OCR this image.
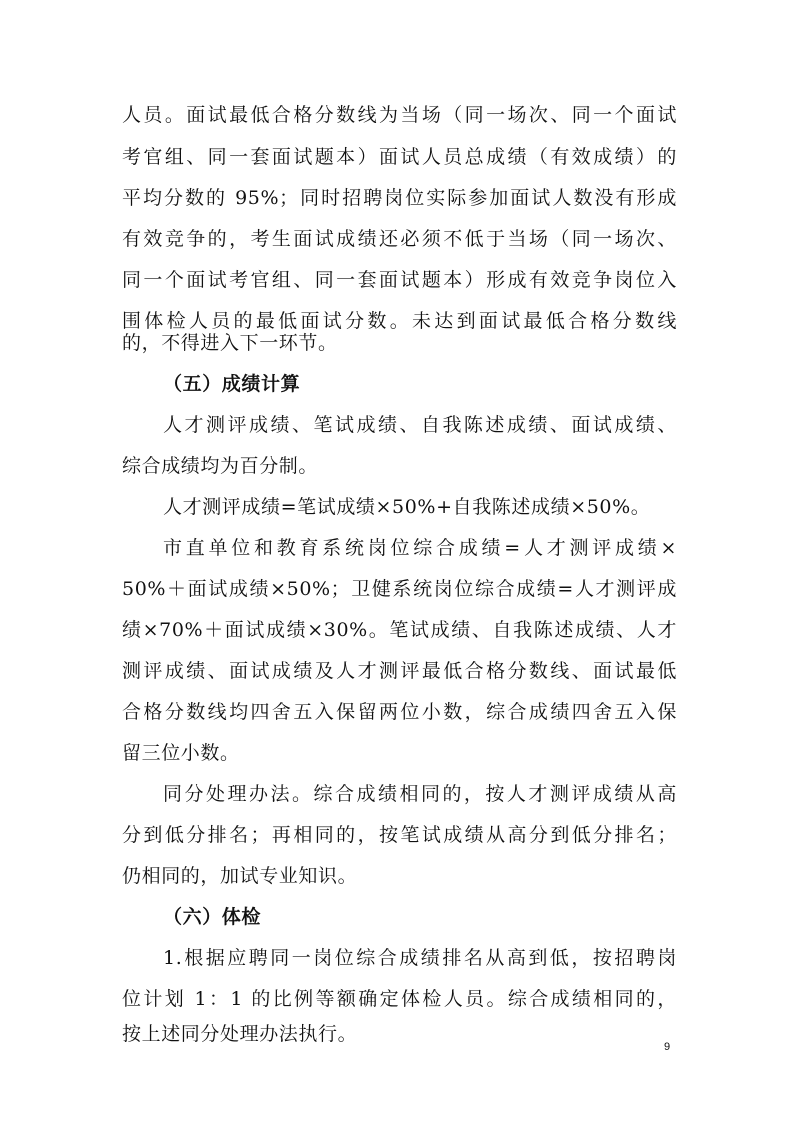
人员。面试最低合格分数线为当场（同一场次、同一个面试
考官组、同一套面试题本）面试人员总成绩（有效成绩）的
平均分数的 95%；同时招聘岗位实际参加面试人数没有形成
有效竞争的，考生面试成绩还必须不低于当场（同一场次、
同一个面试考官组、同一套面试题本）形成有效竞争岗位入
围体检人员的最低面试分数。未达到面试最低合格分数线
的，不得进入下一环节。
（五）成绩计算
人才测评成绩、笔试成绩、自我陈述成绩、面试成绩、
综合成绩均为百分制。
人才测评成绩=笔试成绩×50%+自我陈述成绩×50%。
市直单位和教育系统岗位综合成绩=人才测评成绩×
50%＋面试成绩×50%；卫健系统岗位综合成绩=人才测评成
绩×70%＋面试成绩×30%。笔试成绩、自我陈述成绩、人才
测评成绩、面试成绩及人才测评最低合格分数线、面试最低
合格分数线均四舍五入保留两位小数，综合成绩四舍五入保
留三位小数。
同分处理办法。综合成绩相同的，按人才测评成绩从高
分到低分排名；再相同的，按笔试成绩从高分到低分排名；
仍相同的，加试专业知识。
（六）体检
1.根据应聘同一岗位综合成绩排名从高到低，按招聘岗
位计划 1：1 的比例等额确定体检人员。综合成绩相同的，
按上述同分处理办法执行。
9
